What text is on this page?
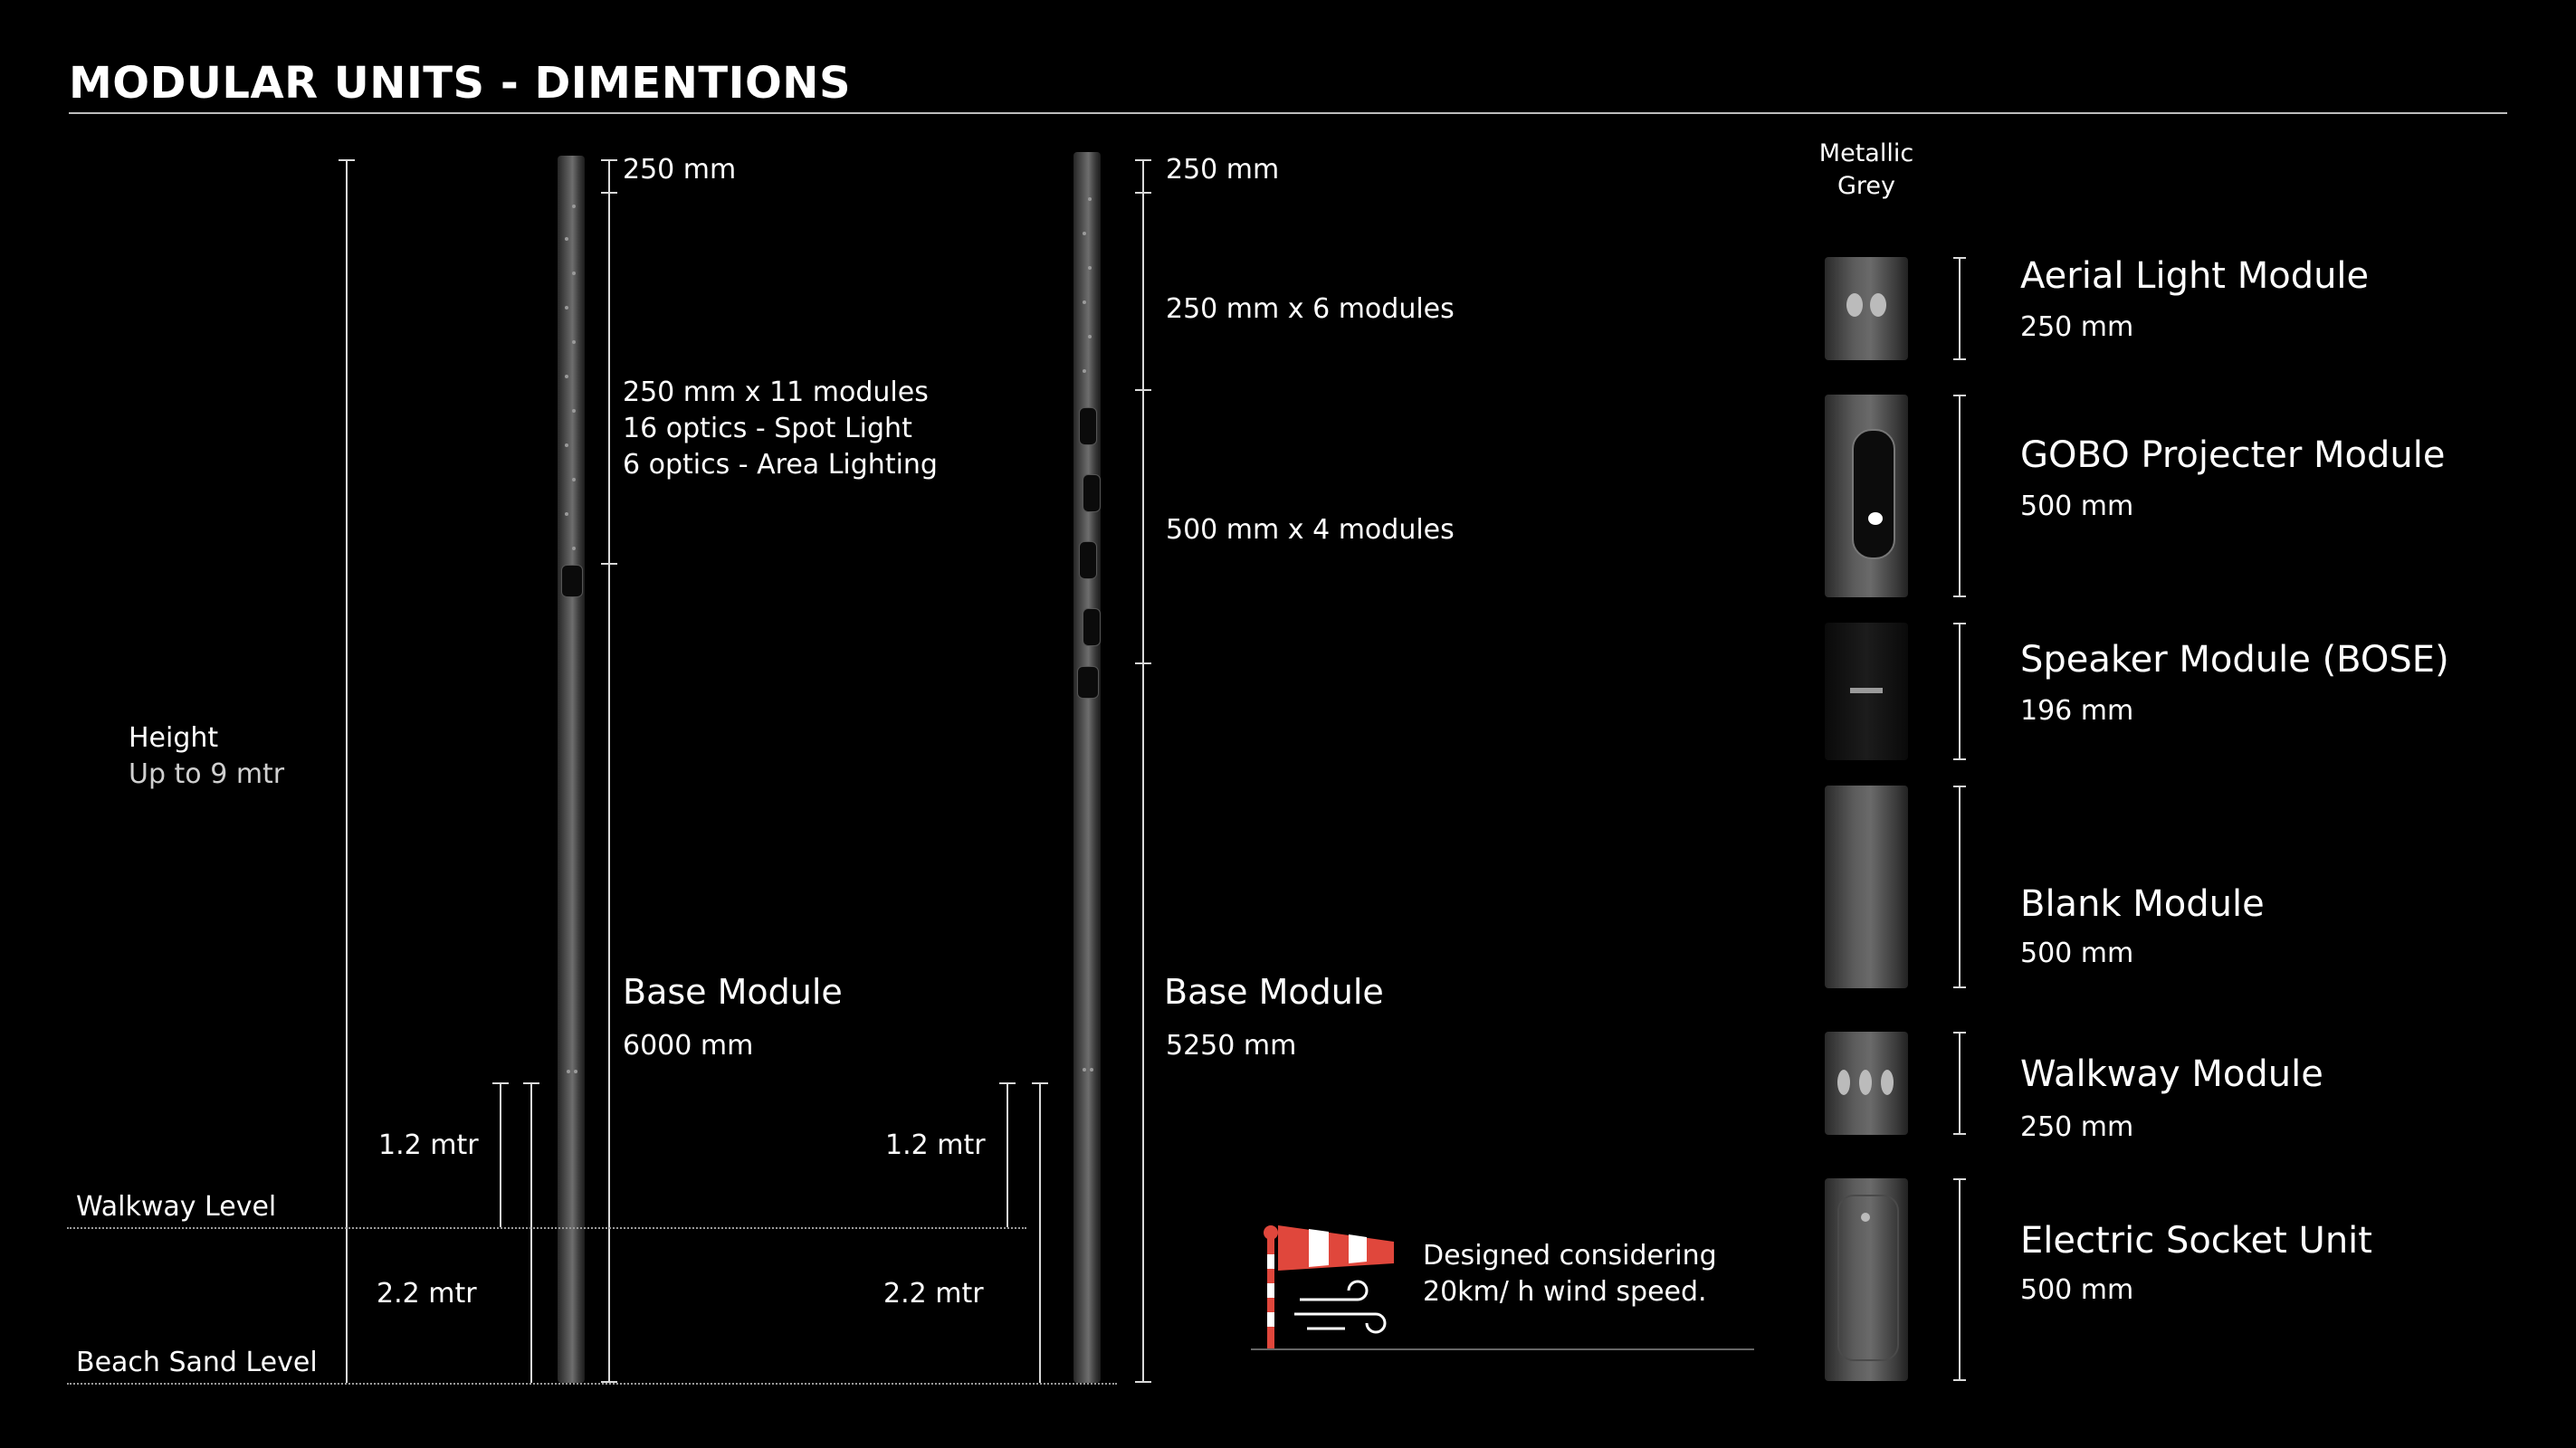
MODULAR UNITS - DIMENTIONS
Height
Up to 9 mtr
250 mm
250 mm x 11 modules
16 optics - Spot Light
6 optics - Area Lighting
Base Module
6000 mm
1.2 mtr
2.2 mtr
Walkway Level
Beach Sand Level
250 mm
250 mm x 6 modules
500 mm x 4 modules
Base Module
5250 mm
1.2 mtr
2.2 mtr
Designed considering
20km/ h wind speed.
Metallic Grey
Aerial Light Module
250 mm
GOBO Projecter Module
500 mm
Speaker Module (BOSE)
196 mm
Blank Module
500 mm
Walkway Module
250 mm
Electric Socket Unit
500 mm
